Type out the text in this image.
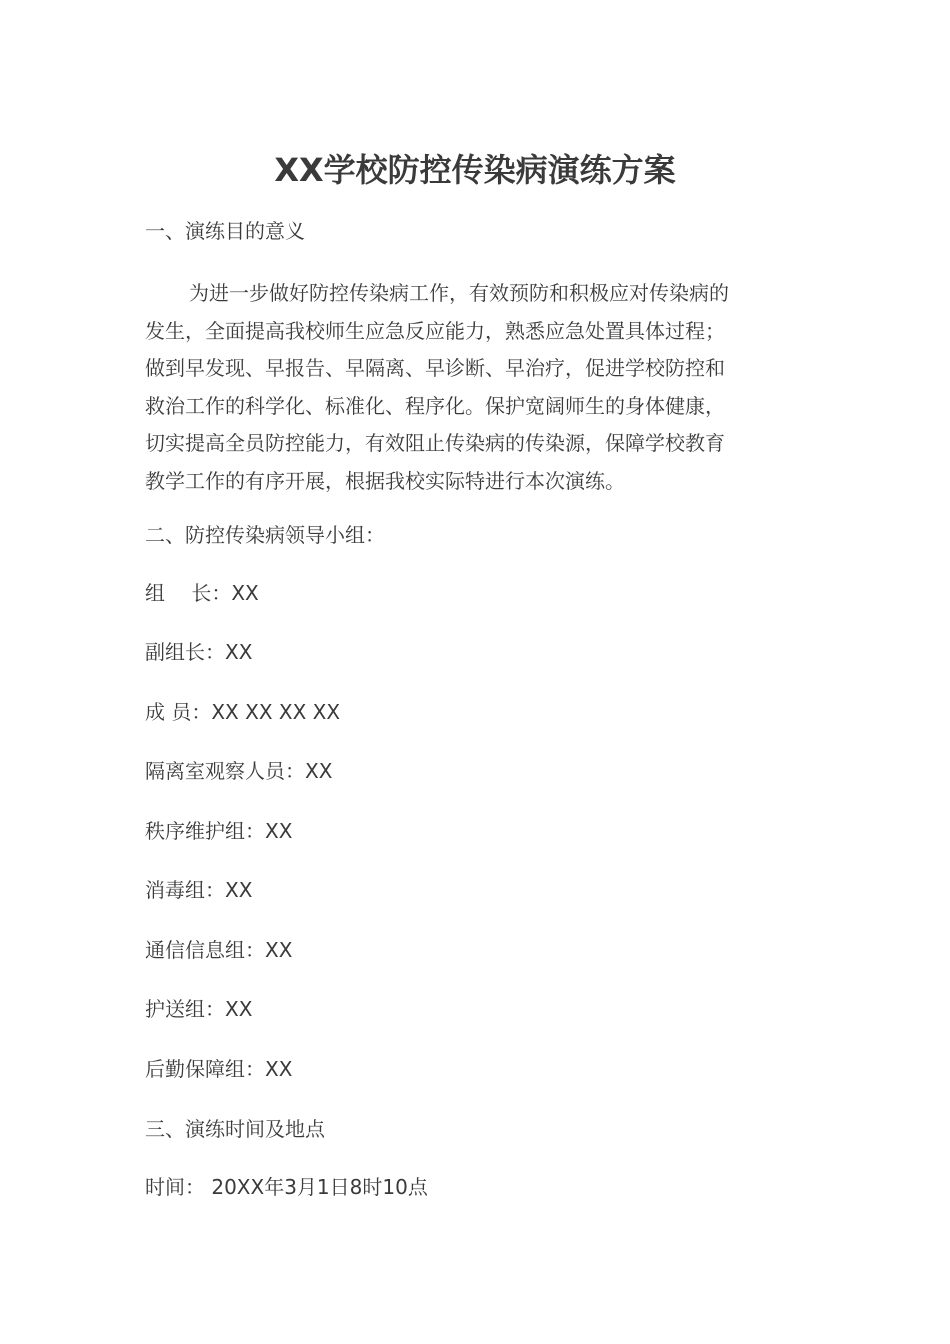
XX学校防控传染病演练方案

一、演练目的意义

为进一步做好防控传染病工作，有效预防和积极应对传染病的
发生，全面提高我校师生应急反应能力，熟悉应急处置具体过程；
做到早发现、早报告、早隔离、早诊断、早治疗，促进学校防控和
救治工作的科学化、标准化、程序化。保护宽阔师生的身体健康，
切实提高全员防控能力，有效阻止传染病的传染源，保障学校教育
教学工作的有序开展，根据我校实际特进行本次演练。

二、防控传染病领导小组：

组　 长：XX

副组长：XX

成 员：XX XX XX XX

隔离室观察人员：XX

秩序维护组：XX

消毒组：XX

通信信息组：XX

护送组：XX

后勤保障组：XX

三、演练时间及地点

时间： 20XX年3月1日8时10点
